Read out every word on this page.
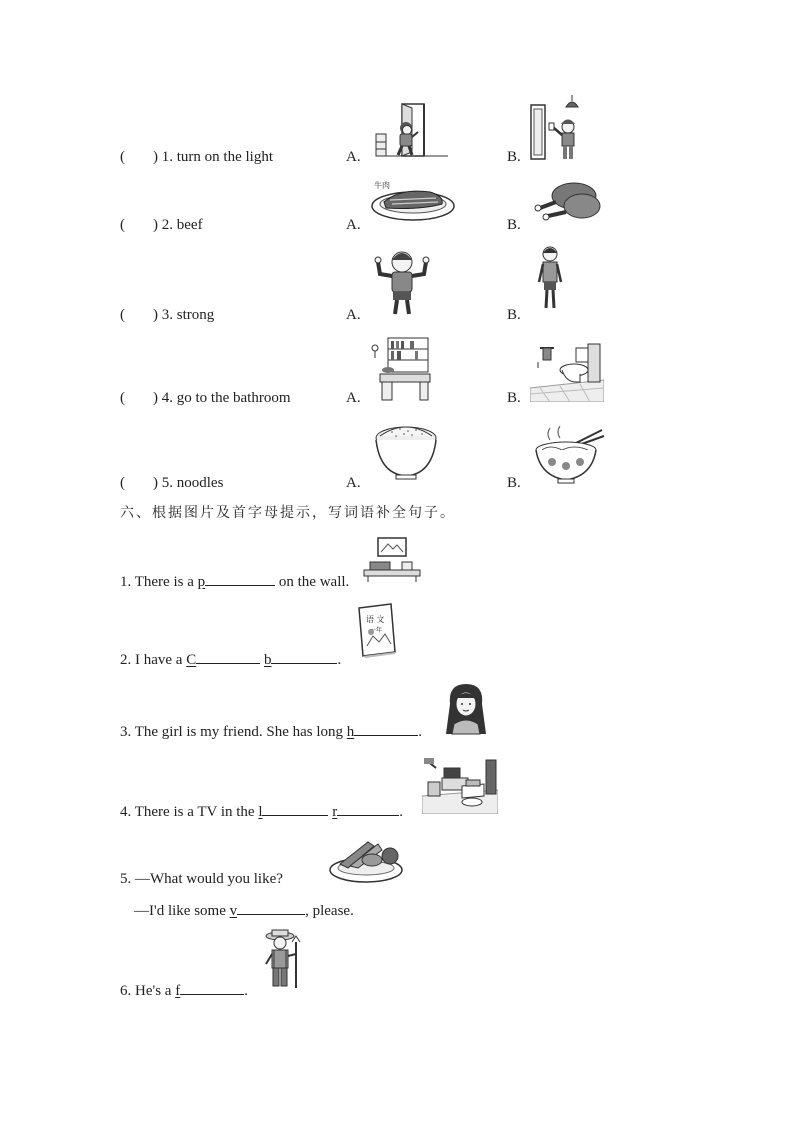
( ) 1. turn on the light	A.	B.
( ) 2. beef	A.	B.
牛肉
( ) 3. strong	A.	B.
( ) 4. go to the bathroom	A.	B.
( ) 5. noodles	A.	B.
六、根据图片及首字母提示，写词语补全句子。
1. There is a p	on the wall.
2. I have a C	b	.
语 文
一年
3. The girl is my friend. She has long h	.
4. There is a TV in the l	r	.
5. —What would you like?
—I'd like some v	, please.
6. He's a f	.
